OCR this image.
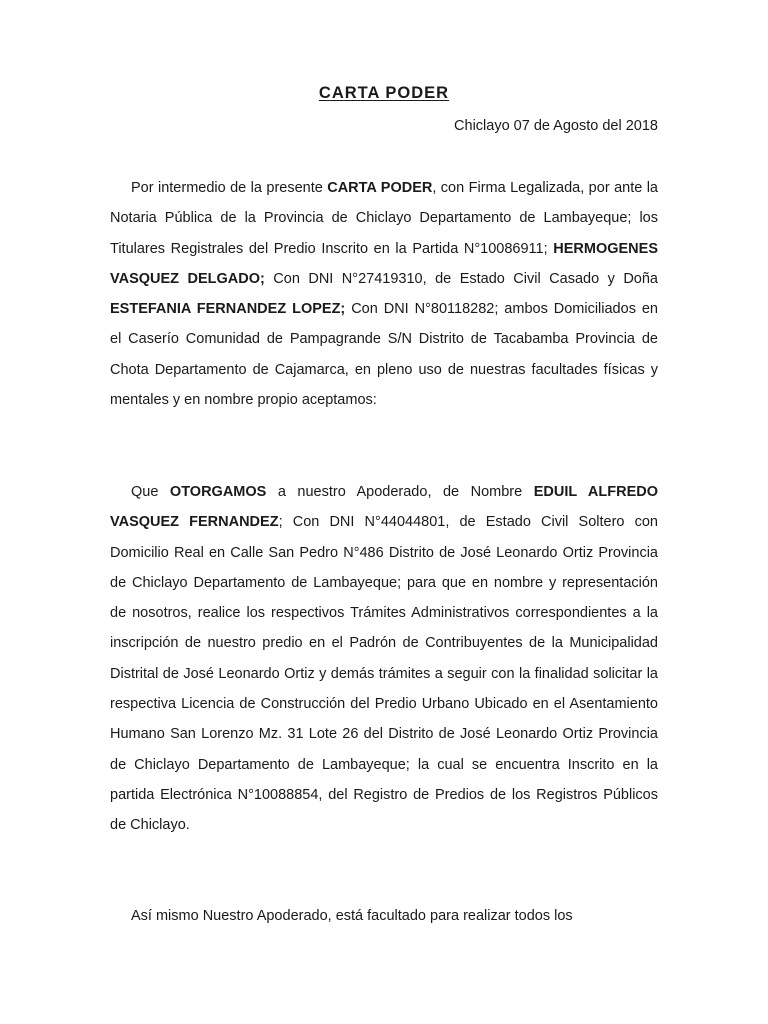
CARTA PODER
Chiclayo 07 de Agosto del 2018

Por intermedio de la presente CARTA PODER, con Firma Legalizada, por ante la Notaria Pública de la Provincia de Chiclayo Departamento de Lambayeque; los Titulares Registrales del Predio Inscrito en la Partida N°10086911; HERMOGENES VASQUEZ DELGADO; Con DNI N°27419310, de Estado Civil Casado y Doña ESTEFANIA FERNANDEZ LOPEZ; Con DNI N°80118282; ambos Domiciliados en el Caserío Comunidad de Pampagrande S/N Distrito de Tacabamba Provincia de Chota Departamento de Cajamarca, en pleno uso de nuestras facultades físicas y mentales y en nombre propio aceptamos:

Que OTORGAMOS a nuestro Apoderado, de Nombre EDUIL ALFREDO VASQUEZ FERNANDEZ; Con DNI N°44044801, de Estado Civil Soltero con Domicilio Real en Calle San Pedro N°486 Distrito de José Leonardo Ortiz Provincia de Chiclayo Departamento de Lambayeque; para que en nombre y representación de nosotros, realice los respectivos Trámites Administrativos correspondientes a la inscripción de nuestro predio en el Padrón de Contribuyentes de la Municipalidad Distrital de José Leonardo Ortiz y demás trámites a seguir con la finalidad solicitar la respectiva Licencia de Construcción del Predio Urbano Ubicado en el Asentamiento Humano San Lorenzo Mz. 31 Lote 26 del Distrito de José Leonardo Ortiz Provincia de Chiclayo Departamento de Lambayeque; la cual se encuentra Inscrito en la partida Electrónica N°10088854, del Registro de Predios de los Registros Públicos de Chiclayo.

Así mismo Nuestro Apoderado, está facultado para realizar todos los
